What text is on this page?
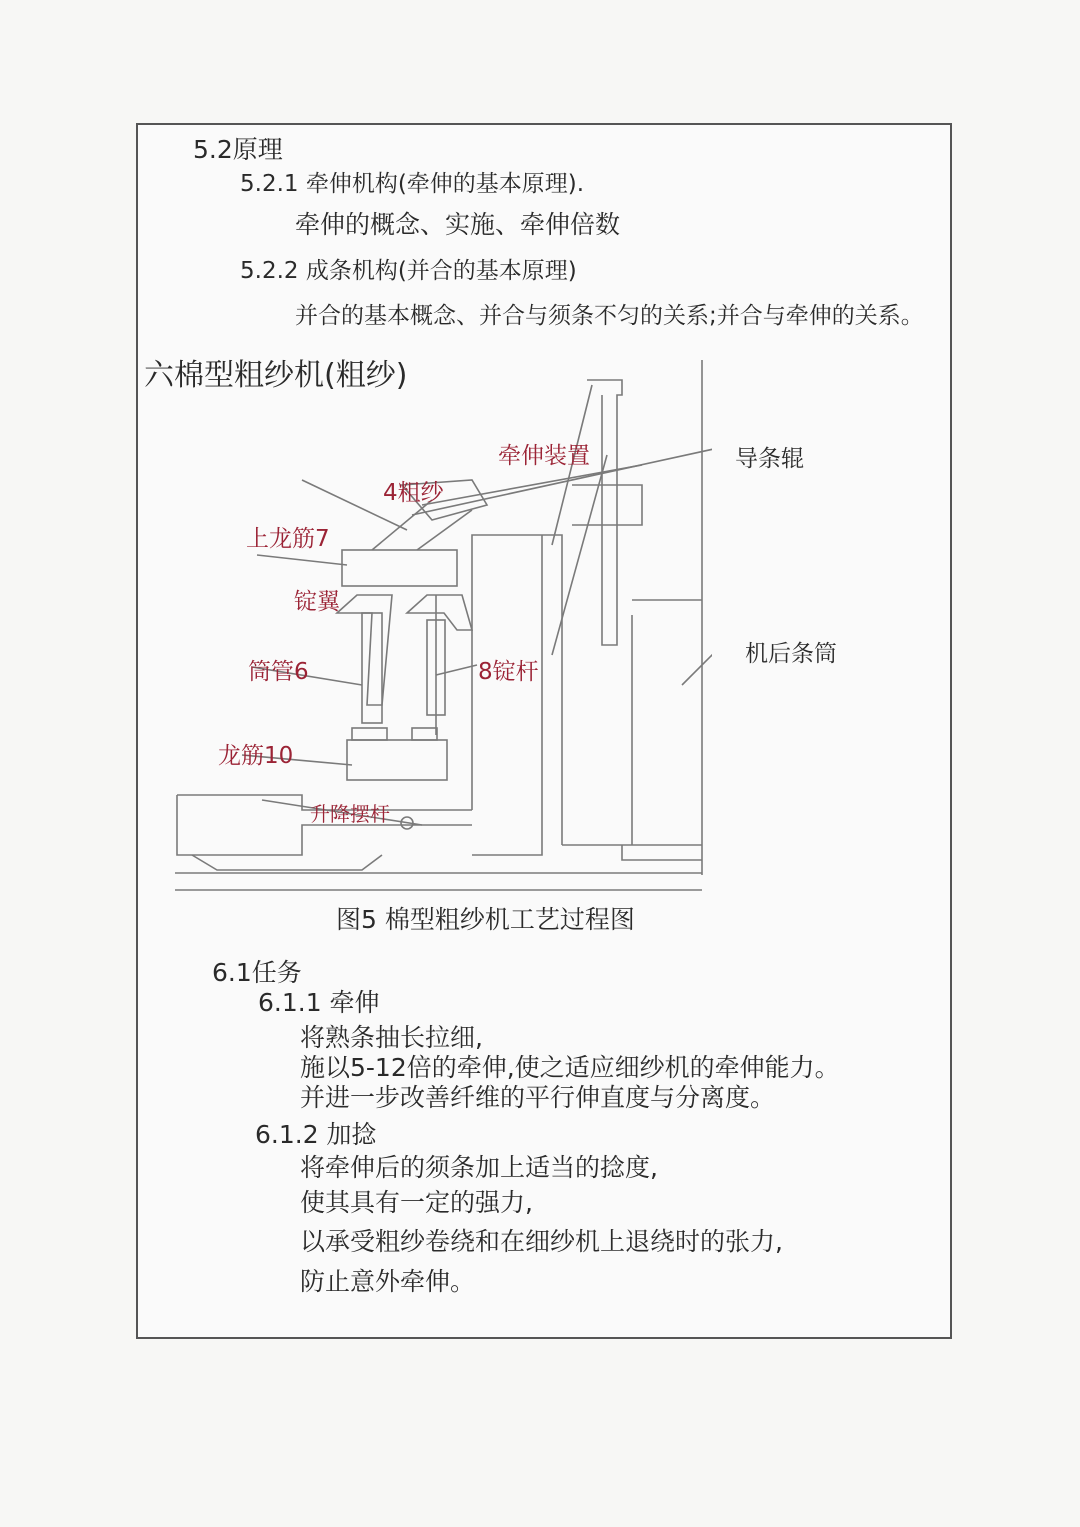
5.2原理
5.2.1 牵伸机构(牵伸的基本原理).
牵伸的概念、实施、牵伸倍数
5.2.2 成条机构(并合的基本原理)
并合的基本概念、并合与须条不匀的关系;并合与牵伸的关系。
六棉型粗纱机(粗纱)
牵伸装置	导条辊
4粗纱
上龙筋7
锭翼
筒管6	8锭杆
机后条筒
龙筋10
升降摆杆
图5 棉型粗纱机工艺过程图
6.1任务
6.1.1 牵伸
将熟条抽长拉细,
施以5-12倍的牵伸,使之适应细纱机的牵伸能力。
并进一步改善纤维的平行伸直度与分离度。
6.1.2 加捻
将牵伸后的须条加上适当的捻度,
使其具有一定的强力,
以承受粗纱卷绕和在细纱机上退绕时的张力,
防止意外牵伸。
